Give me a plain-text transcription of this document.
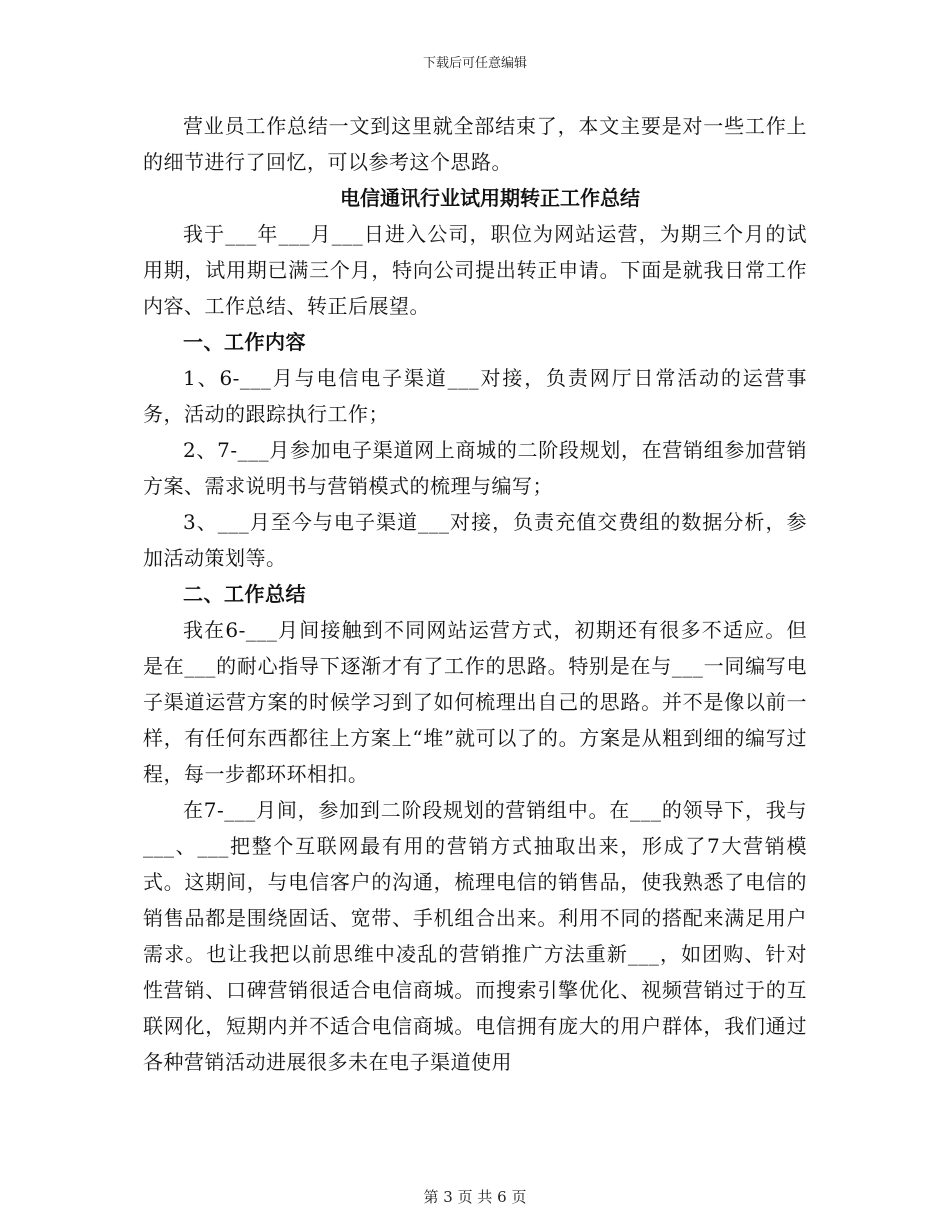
下载后可任意编辑

营业员工作总结一文到这里就全部结束了，本文主要是对一些工作上的细节进行了回忆，可以参考这个思路。

电信通讯行业试用期转正工作总结

我于___年___月___日进入公司，职位为网站运营，为期三个月的试用期，试用期已满三个月，特向公司提出转正申请。下面是就我日常工作内容、工作总结、转正后展望。

一、工作内容

1、6-___月与电信电子渠道___对接，负责网厅日常活动的运营事务，活动的跟踪执行工作；

2、7-___月参加电子渠道网上商城的二阶段规划，在营销组参加营销方案、需求说明书与营销模式的梳理与编写；

3、___月至今与电子渠道___对接，负责充值交费组的数据分析，参加活动策划等。

二、工作总结

我在6-___月间接触到不同网站运营方式，初期还有很多不适应。但是在___的耐心指导下逐渐才有了工作的思路。特别是在与___一同编写电子渠道运营方案的时候学习到了如何梳理出自己的思路。并不是像以前一样，有任何东西都往上方案上“堆”就可以了的。方案是从粗到细的编写过程，每一步都环环相扣。

在7-___月间，参加到二阶段规划的营销组中。在___的领导下，我与___、___把整个互联网最有用的营销方式抽取出来，形成了7大营销模式。这期间，与电信客户的沟通，梳理电信的销售品，使我熟悉了电信的销售品都是围绕固话、宽带、手机组合出来。利用不同的搭配来满足用户需求。也让我把以前思维中凌乱的营销推广方法重新___，如团购、针对性营销、口碑营销很适合电信商城。而搜索引擎优化、视频营销过于的互联网化，短期内并不适合电信商城。电信拥有庞大的用户群体，我们通过各种营销活动进展很多未在电子渠道使用

第 3 页 共 6 页
